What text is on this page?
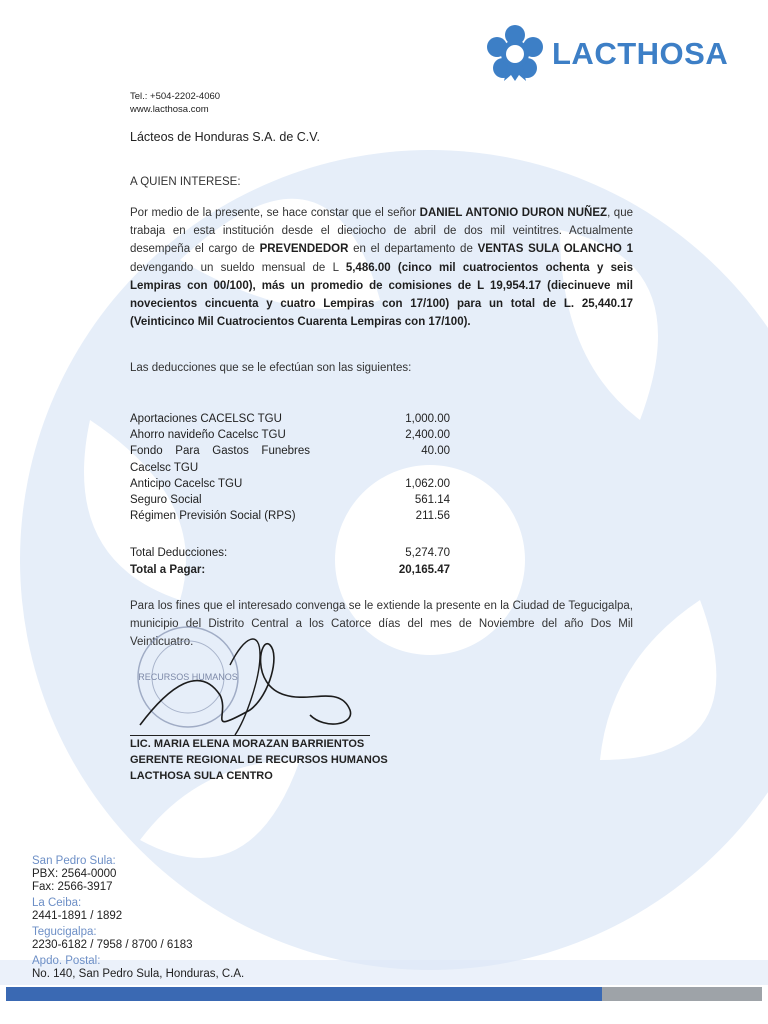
LACTHOSA
Tel.: +504-2202-4060
www.lacthosa.com
Lácteos de Honduras S.A. de C.V.
A QUIEN INTERESE:
Por medio de la presente, se hace constar que el señor DANIEL ANTONIO DURON NUÑEZ, que trabaja en esta institución desde el dieciocho de abril de dos mil veintitres. Actualmente desempeña el cargo de PREVENDEDOR en el departamento de VENTAS SULA OLANCHO 1 devengando un sueldo mensual de L 5,486.00 (cinco mil cuatrocientos ochenta y seis Lempiras con 00/100), más un promedio de comisiones de L 19,954.17 (diecinueve mil novecientos cincuenta y cuatro Lempiras con 17/100) para un total de L. 25,440.17 (Veinticinco Mil Cuatrocientos Cuarenta Lempiras con 17/100).
Las deducciones que se le efectúan son las siguientes:
Aportaciones CACELSC TGU	1,000.00
Ahorro navideño Cacelsc TGU	2,400.00
Fondo Para Gastos Funebres	40.00
Cacelsc TGU
Anticipo Cacelsc TGU	1,062.00
Seguro Social	561.14
Régimen Previsión Social (RPS)	211.56
Total Deducciones:	5,274.70
Total a Pagar:	20,165.47
Para los fines que el interesado convenga se le extiende la presente en la Ciudad de Tegucigalpa, municipio del Distrito Central a los Catorce días del mes de Noviembre del año Dos Mil Veinticuatro.
RECURSOS HUMANOS
LIC. MARIA ELENA MORAZAN BARRIENTOS
GERENTE REGIONAL DE RECURSOS HUMANOS
LACTHOSA SULA CENTRO
San Pedro Sula:
PBX: 2564-0000
Fax: 2566-3917
La Ceiba:
2441-1891 / 1892
Tegucigalpa:
2230-6182 / 7958 / 8700 / 6183
Apdo. Postal:
No. 140, San Pedro Sula, Honduras, C.A.
